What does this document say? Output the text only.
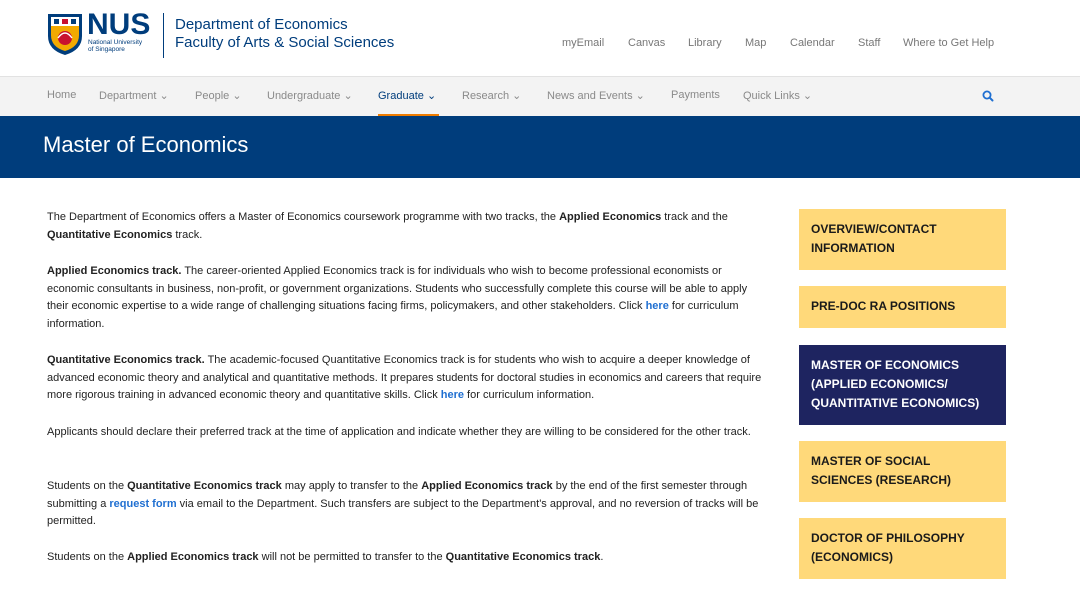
NUS
National University
of Singapore
Department of Economics
Faculty of Arts & Social Sciences	myEmail Canvas Library Map Calendar Staff Where to Get Help
Home Department ⌄ People ⌄ Undergraduate ⌄ Graduate ⌄ Research ⌄ News and Events ⌄ Payments Quick Links ⌄
Master of Economics

The Department of Economics offers a Master of Economics coursework programme with two tracks, the Applied Economics track and the Quantitative Economics track.

Applied Economics track. The career-oriented Applied Economics track is for individuals who wish to become professional economists or economic consultants in business, non-profit, or government organizations. Students who successfully complete this course will be able to apply their economic expertise to a wide range of challenging situations facing firms, policymakers, and other stakeholders. Click here for curriculum information.

Quantitative Economics track. The academic-focused Quantitative Economics track is for students who wish to acquire a deeper knowledge of advanced economic theory and analytical and quantitative methods. It prepares students for doctoral studies in economics and careers that require more rigorous training in advanced economic theory and quantitative skills. Click here for curriculum information.

Applicants should declare their preferred track at the time of application and indicate whether they are willing to be considered for the other track.

Students on the Quantitative Economics track may apply to transfer to the Applied Economics track by the end of the first semester through submitting a request form via email to the Department. Such transfers are subject to the Department's approval, and no reversion of tracks will be permitted.

Students on the Applied Economics track will not be permitted to transfer to the Quantitative Economics track.

OVERVIEW/CONTACT INFORMATION
PRE-DOC RA POSITIONS
MASTER OF ECONOMICS (APPLIED ECONOMICS/ QUANTITATIVE ECONOMICS)
MASTER OF SOCIAL SCIENCES (RESEARCH)
DOCTOR OF PHILOSOPHY (ECONOMICS)
